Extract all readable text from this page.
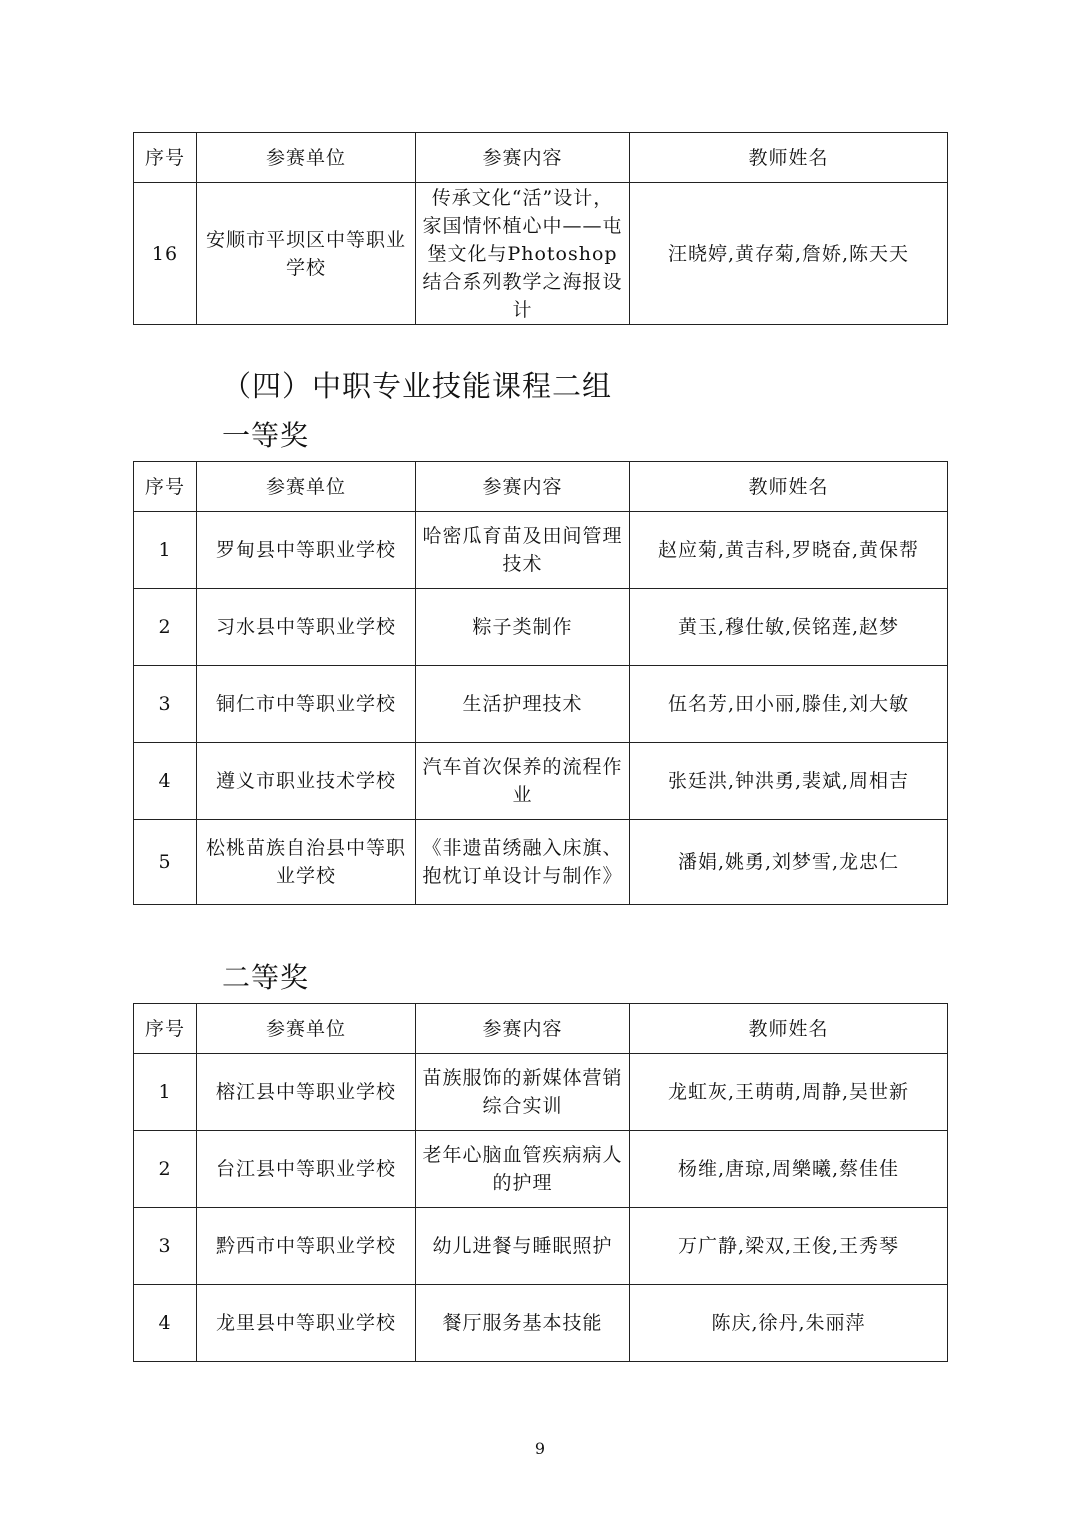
序号	参赛单位	参赛内容	教师姓名
16	安顺市平坝区中等职业学校	传承文化“活”设计，家国情怀植心中——屯堡文化与Photoshop结合系列教学之海报设计	汪晓婷,黄存菊,詹娇,陈天天
（四）中职专业技能课程二组
一等奖
序号	参赛单位	参赛内容	教师姓名
1	罗甸县中等职业学校	哈密瓜育苗及田间管理技术	赵应菊,黄吉科,罗晓奋,黄保帮
2	习水县中等职业学校	粽子类制作	黄玉,穆仕敏,侯铭莲,赵梦
3	铜仁市中等职业学校	生活护理技术	伍名芳,田小丽,滕佳,刘大敏
4	遵义市职业技术学校	汽车首次保养的流程作业	张廷洪,钟洪勇,裴斌,周相吉
5	松桃苗族自治县中等职业学校	《非遗苗绣融入床旗、抱枕订单设计与制作》	潘娟,姚勇,刘梦雪,龙忠仁
二等奖
序号	参赛单位	参赛内容	教师姓名
1	榕江县中等职业学校	苗族服饰的新媒体营销综合实训	龙虹灰,王萌萌,周静,吴世新
2	台江县中等职业学校	老年心脑血管疾病病人的护理	杨维,唐琼,周樂曦,蔡佳佳
3	黔西市中等职业学校	幼儿进餐与睡眠照护	万广静,梁双,王俊,王秀琴
4	龙里县中等职业学校	餐厅服务基本技能	陈庆,徐丹,朱丽萍
9
